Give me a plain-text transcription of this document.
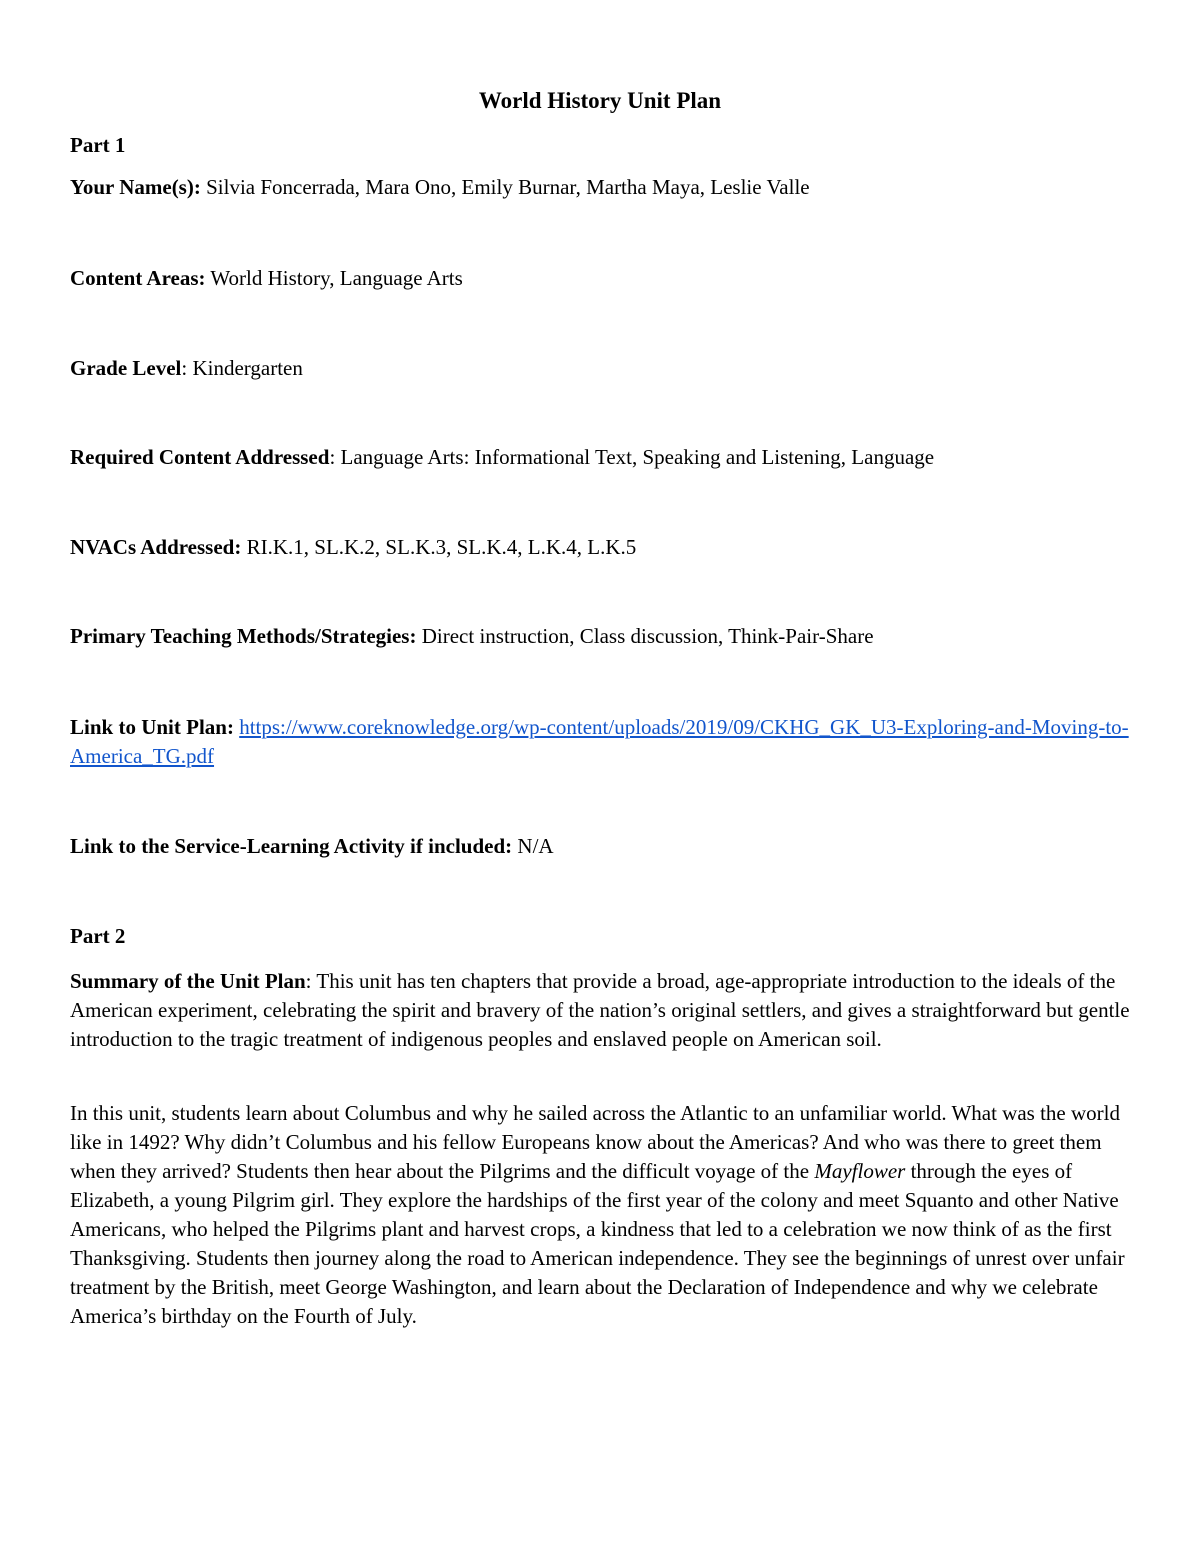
World History Unit Plan
Part 1
Your Name(s): Silvia Foncerrada, Mara Ono, Emily Burnar, Martha Maya, Leslie Valle
Content Areas: World History, Language Arts
Grade Level: Kindergarten
Required Content Addressed: Language Arts: Informational Text, Speaking and Listening, Language
NVACs Addressed: RI.K.1, SL.K.2, SL.K.3, SL.K.4, L.K.4, L.K.5
Primary Teaching Methods/Strategies: Direct instruction, Class discussion, Think-Pair-Share
Link to Unit Plan: https://www.coreknowledge.org/wp-content/uploads/2019/09/CKHG_GK_U3-Exploring-and-Moving-to-America_TG.pdf
Link to the Service-Learning Activity if included: N/A
Part 2
Summary of the Unit Plan: This unit has ten chapters that provide a broad, age-appropriate introduction to the ideals of the American experiment, celebrating the spirit and bravery of the nation’s original settlers, and gives a straightforward but gentle introduction to the tragic treatment of indigenous peoples and enslaved people on American soil.
In this unit, students learn about Columbus and why he sailed across the Atlantic to an unfamiliar world. What was the world like in 1492? Why didn’t Columbus and his fellow Europeans know about the Americas? And who was there to greet them when they arrived? Students then hear about the Pilgrims and the difficult voyage of the Mayflower through the eyes of Elizabeth, a young Pilgrim girl. They explore the hardships of the first year of the colony and meet Squanto and other Native Americans, who helped the Pilgrims plant and harvest crops, a kindness that led to a celebration we now think of as the first Thanksgiving. Students then journey along the road to American independence. They see the beginnings of unrest over unfair treatment by the British, meet George Washington, and learn about the Declaration of Independence and why we celebrate America’s birthday on the Fourth of July.
